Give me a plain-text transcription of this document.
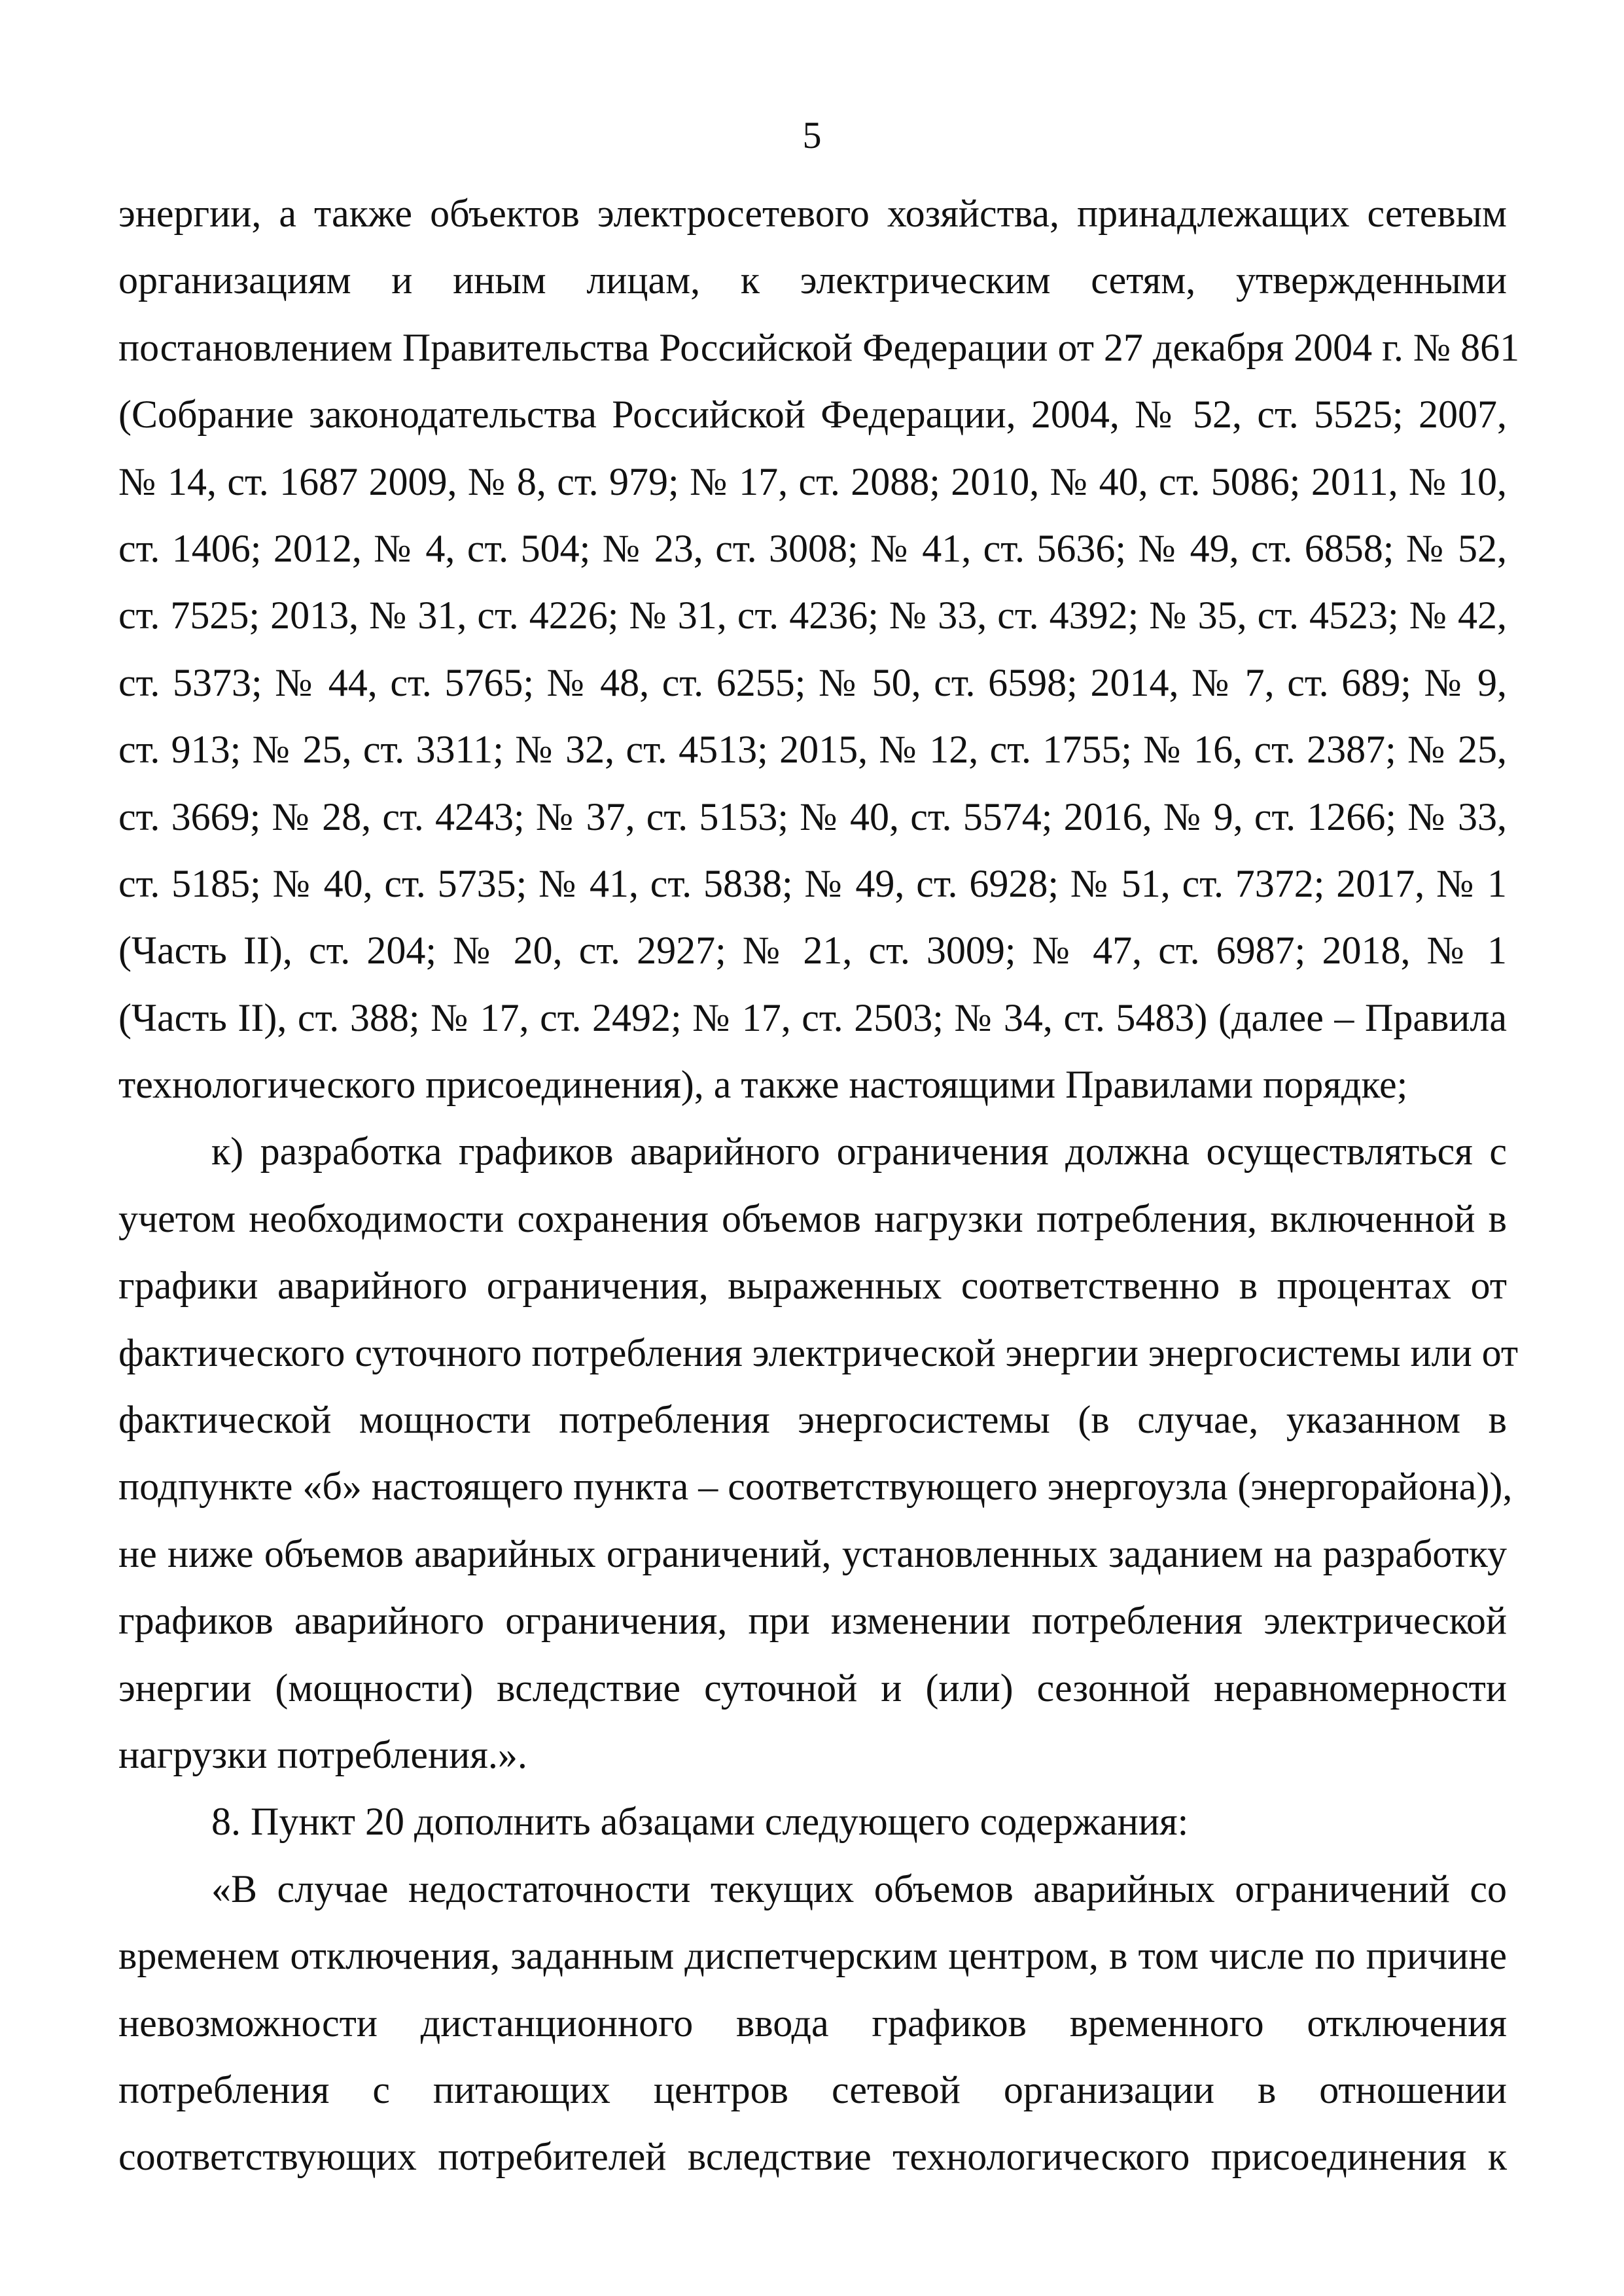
5
энергии, а также объектов электросетевого хозяйства, принадлежащих сетевым
организациям и иным лицам, к электрическим сетям, утвержденными
постановлением Правительства Российской Федерации от 27 декабря 2004 г. № 861
(Собрание законодательства Российской Федерации, 2004, № 52, ст. 5525; 2007,
№ 14, ст. 1687 2009, № 8, ст. 979; № 17, ст. 2088; 2010, № 40, ст. 5086; 2011, № 10,
ст. 1406; 2012, № 4, ст. 504; № 23, ст. 3008; № 41, ст. 5636; № 49, ст. 6858; № 52,
ст. 7525; 2013, № 31, ст. 4226; № 31, ст. 4236; № 33, ст. 4392; № 35, ст. 4523; № 42,
ст. 5373; № 44, ст. 5765; № 48, ст. 6255; № 50, ст. 6598; 2014, № 7, ст. 689; № 9,
ст. 913; № 25, ст. 3311; № 32, ст. 4513; 2015, № 12, ст. 1755; № 16, ст. 2387; № 25,
ст. 3669; № 28, ст. 4243; № 37, ст. 5153; № 40, ст. 5574; 2016, № 9, ст. 1266; № 33,
ст. 5185; № 40, ст. 5735; № 41, ст. 5838; № 49, ст. 6928; № 51, ст. 7372; 2017, № 1
(Часть II), ст. 204; № 20, ст. 2927; № 21, ст. 3009; № 47, ст. 6987; 2018, № 1
(Часть II), ст. 388; № 17, ст. 2492; № 17, ст. 2503; № 34, ст. 5483) (далее – Правила
технологического присоединения), а также настоящими Правилами порядке;
к) разработка графиков аварийного ограничения должна осуществляться с
учетом необходимости сохранения объемов нагрузки потребления, включенной в
графики аварийного ограничения, выраженных соответственно в процентах от
фактического суточного потребления электрической энергии энергосистемы или от
фактической мощности потребления энергосистемы (в случае, указанном в
подпункте «б» настоящего пункта – соответствующего энергоузла (энергорайона)),
не ниже объемов аварийных ограничений, установленных заданием на разработку
графиков аварийного ограничения, при изменении потребления электрической
энергии (мощности) вследствие суточной и (или) сезонной неравномерности
нагрузки потребления.».
8. Пункт 20 дополнить абзацами следующего содержания:
«В случае недостаточности текущих объемов аварийных ограничений со
временем отключения, заданным диспетчерским центром, в том числе по причине
невозможности дистанционного ввода графиков временного отключения
потребления с питающих центров сетевой организации в отношении
соответствующих потребителей вследствие технологического присоединения к
